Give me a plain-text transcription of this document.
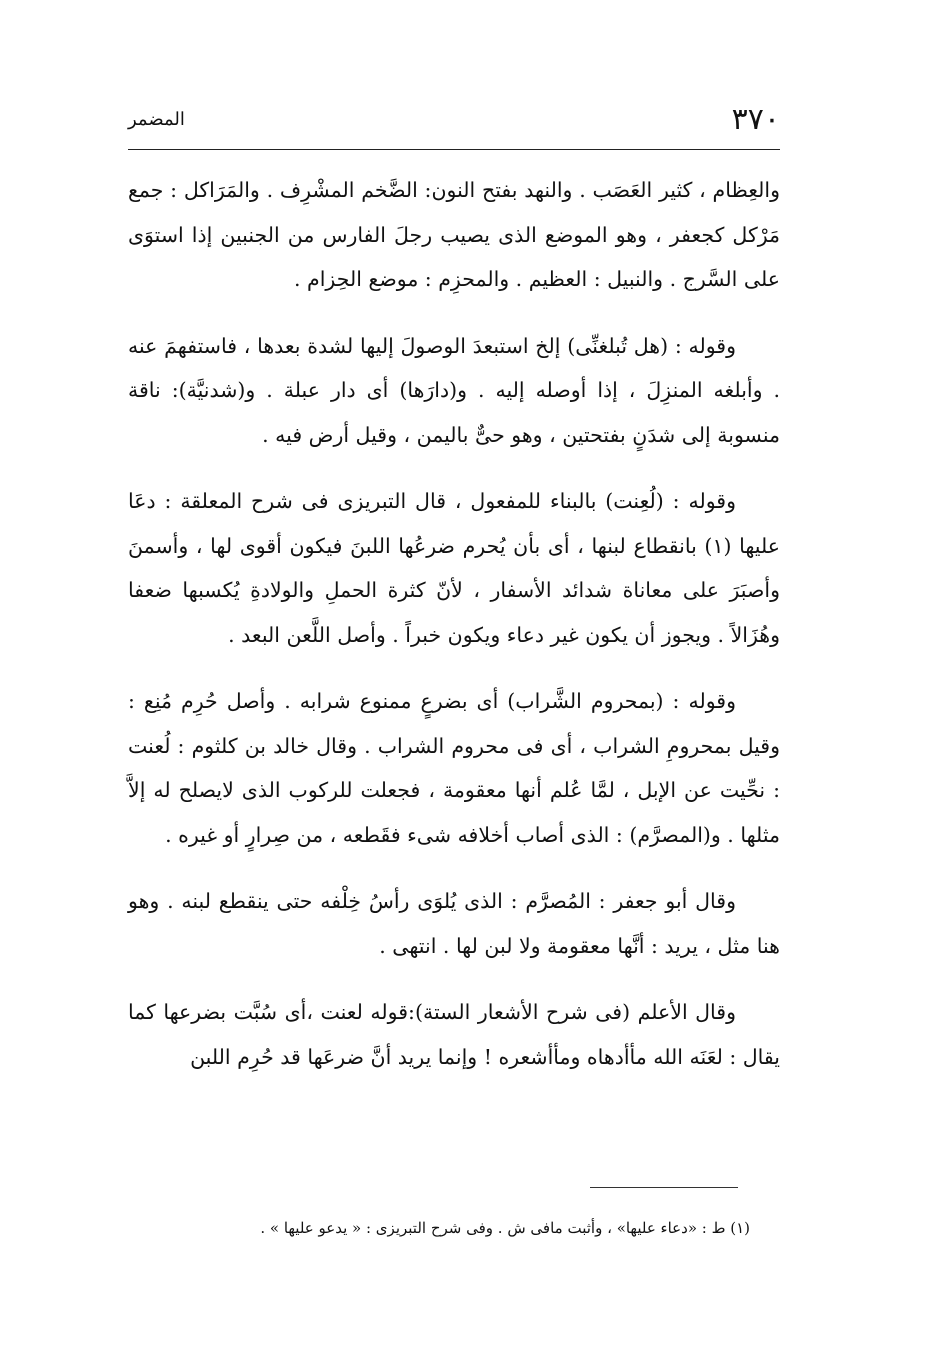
٣٧٠
المضمر

والعِظام ، كثير العَصَب . والنهد بفتح النون: الضَّخم المشْرِف . والمَرَاكل : جمع مَرْكل كجعفر ، وهو الموضع الذى يصيب رجلَ الفارس من الجنبين إذا استوَى على السَّرج . والنبيل : العظيم . والمحزِم : موضع الحِزام .

وقوله : (هل تُبلغنِّى) إلخ استبعدَ الوصولَ إليها لشدة بعدها ، فاستفهمَ عنه . وأبلغه المنزِلَ ، إذا أوصله إليه . و(دارَها) أى دار عبلة . و(شدنيَّة): ناقة منسوبة إلى شدَنٍ بفتحتين ، وهو حىٌّ باليمن ، وقيل أرض فيه .

وقوله : (لُعِنت) بالبناء للمفعول ، قال التبريزى فى شرح المعلقة : دعَا عليها (١) بانقطاع لبنها ، أى بأن يُحرم ضرعُها اللبنَ فيكون أقوى لها ، وأسمنَ وأصبَرَ على معاناة شدائد الأسفار ، لأنّ كثرة الحملِ والولادةِ يُكسبها ضعفا وهُزَالاً . ويجوز أن يكون غير دعاء ويكون خبراً . وأصل اللَّعن البعد .

وقوله : (بمحروم الشَّراب) أى بضرعٍ ممنوع شرابه . وأصل حُرِم مُنِع : وقيل بمحرومِ الشراب ، أى فى محروم الشراب . وقال خالد بن كلثوم : لُعنت : نحِّيت عن الإبل ، لمَّا عُلم أنها معقومة ، فجعلت للركوب الذى لايصلح له إلاَّ مثلها . و(المصرَّم) : الذى أصاب أخلافه شىء فقَطعه ، من صِرارٍ أو غيره .

وقال أبو جعفر : المُصرَّم : الذى يُلوَى رأسُ خِلْفه حتى ينقطع لبنه . وهو هنا مثل ، يريد : أنَّها معقومة ولا لبن لها . انتهى .

وقال الأعلم (فى شرح الأشعار الستة):قوله لعنت ،أى سُبَّت بضرعها كما يقال : لعَنَه الله مأأدهاه ومأأشعره ! وإنما يريد أنَّ ضرعَها قد حُرِم اللبن

(١) ط : «دعاء عليها» ، وأثبت مافى ش . وفى شرح التبريزى : « يدعو عليها » .
